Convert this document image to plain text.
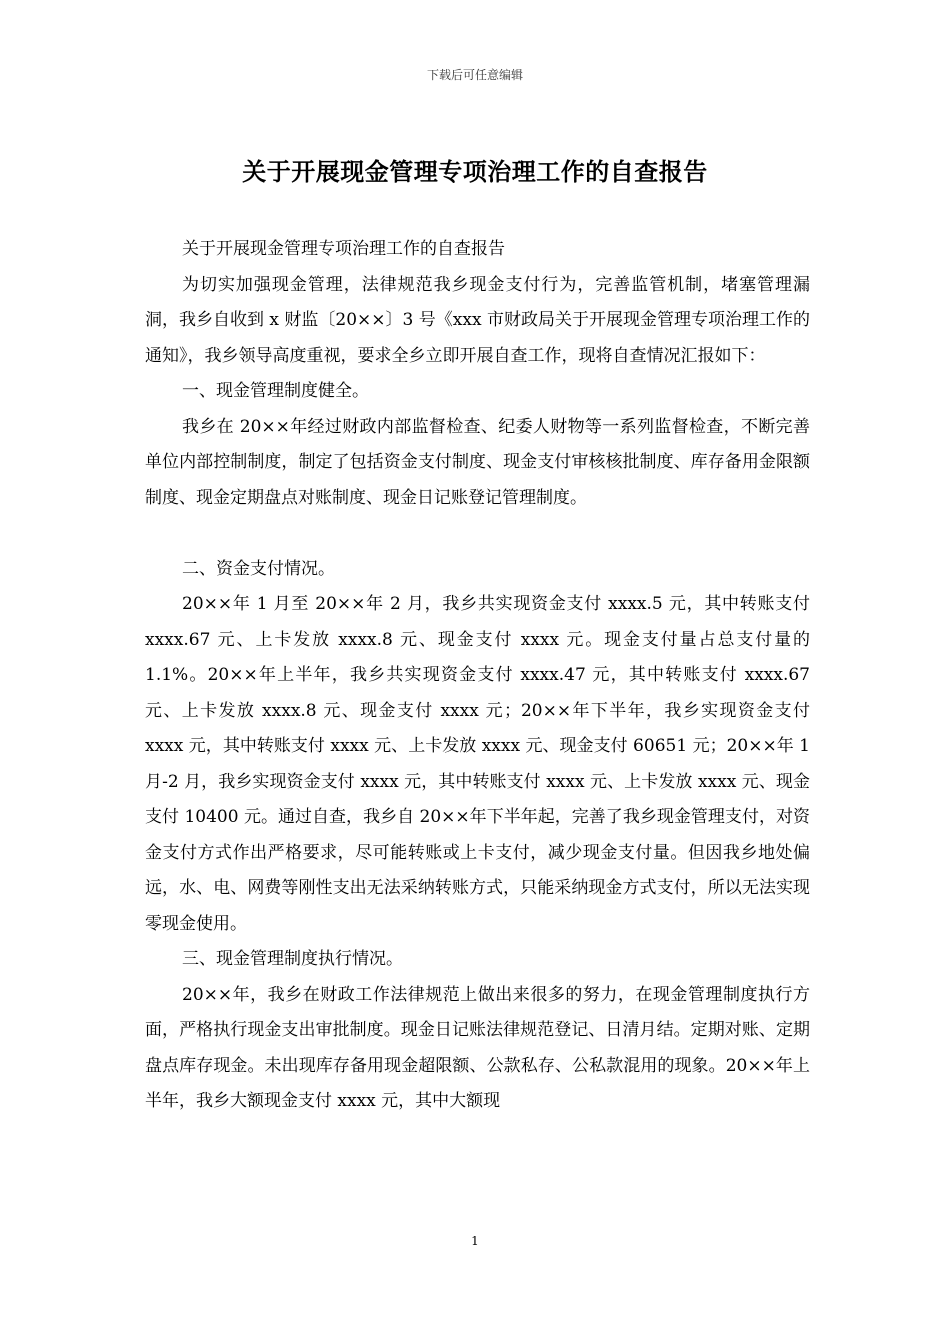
下载后可任意编辑
关于开展现金管理专项治理工作的自查报告

关于开展现金管理专项治理工作的自查报告

为切实加强现金管理，法律规范我乡现金支付行为，完善监管机制，堵塞管理漏洞，我乡自收到 x 财监〔20××〕3 号《xxx 市财政局关于开展现金管理专项治理工作的通知》，我乡领导高度重视，要求全乡立即开展自查工作，现将自查情况汇报如下：

一、现金管理制度健全。

我乡在 20××年经过财政内部监督检查、纪委人财物等一系列监督检查，不断完善单位内部控制制度，制定了包括资金支付制度、现金支付审核核批制度、库存备用金限额制度、现金定期盘点对账制度、现金日记账登记管理制度。

二、资金支付情况。

20××年 1 月至 20××年 2 月，我乡共实现资金支付 xxxx.5 元，其中转账支付 xxxx.67 元、上卡发放 xxxx.8 元、现金支付 xxxx 元。现金支付量占总支付量的 1.1%。20××年上半年，我乡共实现资金支付 xxxx.47 元，其中转账支付 xxxx.67 元、上卡发放 xxxx.8 元、现金支付 xxxx 元；20××年下半年，我乡实现资金支付 xxxx 元，其中转账支付 xxxx 元、上卡发放 xxxx 元、现金支付 60651 元；20××年 1 月-2 月，我乡实现资金支付 xxxx 元，其中转账支付 xxxx 元、上卡发放 xxxx 元、现金支付 10400 元。通过自查，我乡自 20××年下半年起，完善了我乡现金管理支付，对资金支付方式作出严格要求，尽可能转账或上卡支付，减少现金支付量。但因我乡地处偏远，水、电、网费等刚性支出无法采纳转账方式，只能采纳现金方式支付，所以无法实现零现金使用。

三、现金管理制度执行情况。

20××年，我乡在财政工作法律规范上做出来很多的努力，在现金管理制度执行方面，严格执行现金支出审批制度。现金日记账法律规范登记、日清月结。定期对账、定期盘点库存现金。未出现库存备用现金超限额、公款私存、公私款混用的现象。20××年上半年，我乡大额现金支付 xxxx 元，其中大额现

1
